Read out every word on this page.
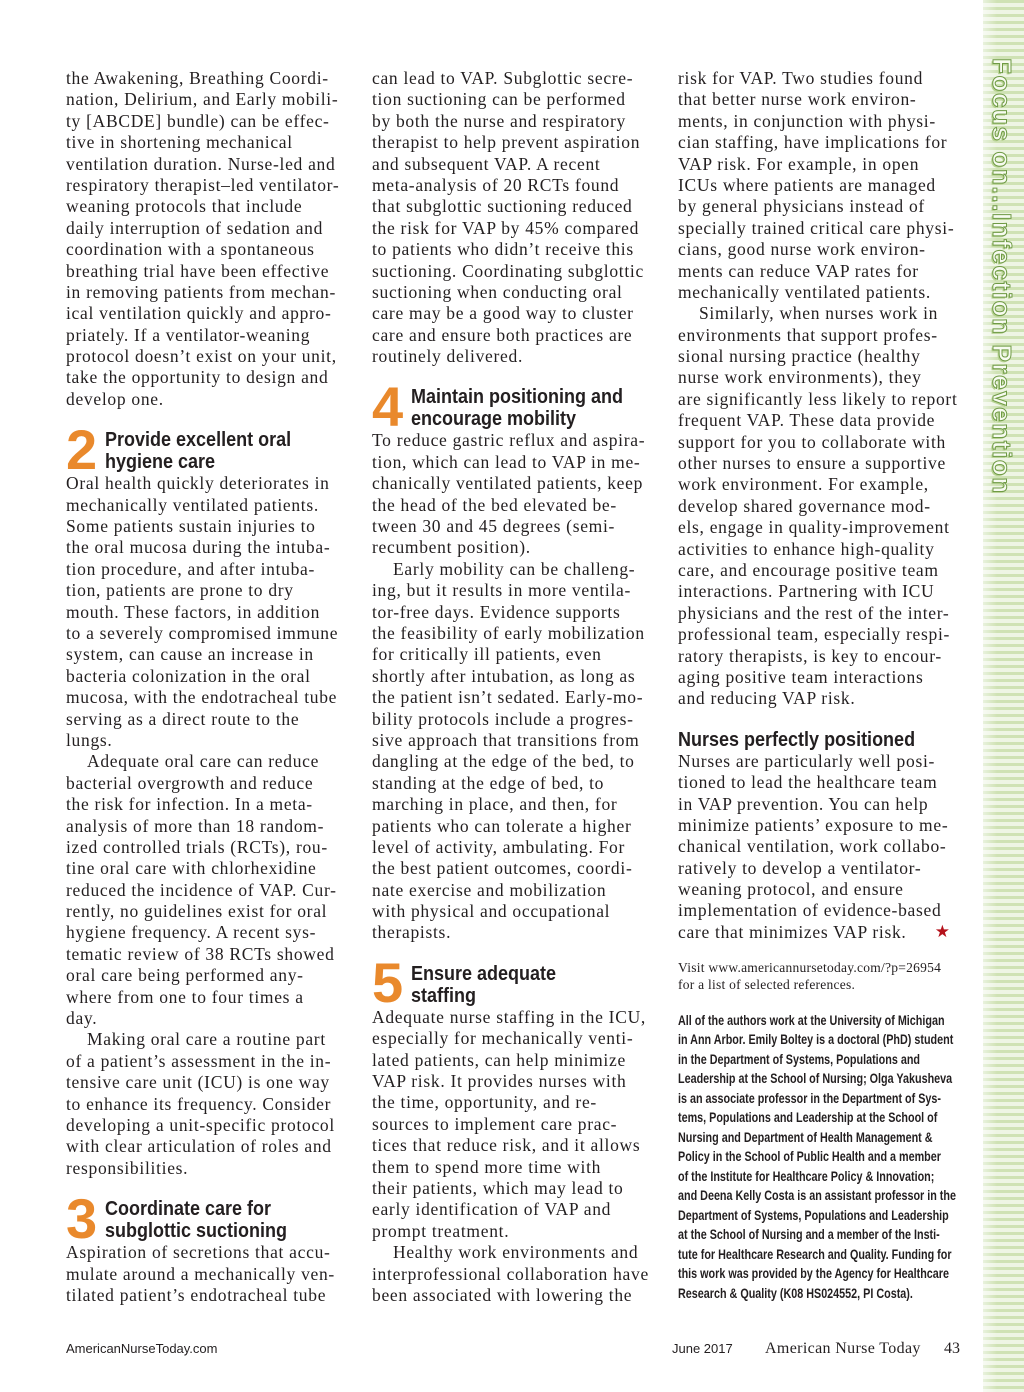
the Awakening, Breathing Coordi-
nation, Delirium, and Early mobili-
ty [ABCDE] bundle) can be effec-
tive in shortening mechanical
ventilation duration. Nurse-led and
respiratory therapist–led ventilator-
weaning protocols that include
daily interruption of sedation and
coordination with a spontaneous
breathing trial have been effective
in removing patients from mechan-
ical ventilation quickly and appro-
priately. If a ventilator-weaning
protocol doesn’t exist on your unit,
take the opportunity to design and
develop one.
2 Provide excellent oral
hygiene care
Oral health quickly deteriorates in
mechanically ventilated patients.
Some patients sustain injuries to
the oral mucosa during the intuba-
tion procedure, and after intuba-
tion, patients are prone to dry
mouth. These factors, in addition
to a severely compromised immune
system, can cause an increase in
bacteria colonization in the oral
mucosa, with the endotracheal tube
serving as a direct route to the
lungs.
Adequate oral care can reduce
bacterial overgrowth and reduce
the risk for infection. In a meta-
analysis of more than 18 random-
ized controlled trials (RCTs), rou-
tine oral care with chlorhexidine
reduced the incidence of VAP. Cur-
rently, no guidelines exist for oral
hygiene frequency. A recent sys-
tematic review of 38 RCTs showed
oral care being performed any-
where from one to four times a
day.
Making oral care a routine part
of a patient’s assessment in the in-
tensive care unit (ICU) is one way
to enhance its frequency. Consider
developing a unit-specific protocol
with clear articulation of roles and
responsibilities.
3 Coordinate care for
subglottic suctioning
Aspiration of secretions that accu-
mulate around a mechanically ven-
tilated patient’s endotracheal tube
can lead to VAP. Subglottic secre-
tion suctioning can be performed
by both the nurse and respiratory
therapist to help prevent aspiration
and subsequent VAP. A recent
meta-analysis of 20 RCTs found
that subglottic suctioning reduced
the risk for VAP by 45% compared
to patients who didn’t receive this
suctioning. Coordinating subglottic
suctioning when conducting oral
care may be a good way to cluster
care and ensure both practices are
routinely delivered.
4 Maintain positioning and
encourage mobility
To reduce gastric reflux and aspira-
tion, which can lead to VAP in me-
chanically ventilated patients, keep
the head of the bed elevated be-
tween 30 and 45 degrees (semi-
recumbent position).
Early mobility can be challeng-
ing, but it results in more ventila-
tor-free days. Evidence supports
the feasibility of early mobilization
for critically ill patients, even
shortly after intubation, as long as
the patient isn’t sedated. Early-mo-
bility protocols include a progres-
sive approach that transitions from
dangling at the edge of the bed, to
standing at the edge of bed, to
marching in place, and then, for
patients who can tolerate a higher
level of activity, ambulating. For
the best patient outcomes, coordi-
nate exercise and mobilization
with physical and occupational
therapists.
5 Ensure adequate
staffing
Adequate nurse staffing in the ICU,
especially for mechanically venti-
lated patients, can help minimize
VAP risk. It provides nurses with
the time, opportunity, and re-
sources to implement care prac-
tices that reduce risk, and it allows
them to spend more time with
their patients, which may lead to
early identification of VAP and
prompt treatment.
Healthy work environments and
interprofessional collaboration have
been associated with lowering the
risk for VAP. Two studies found
that better nurse work environ-
ments, in conjunction with physi-
cian staffing, have implications for
VAP risk. For example, in open
ICUs where patients are managed
by general physicians instead of
specially trained critical care physi-
cians, good nurse work environ-
ments can reduce VAP rates for
mechanically ventilated patients.
Similarly, when nurses work in
environments that support profes-
sional nursing practice (healthy
nurse work environments), they
are significantly less likely to report
frequent VAP. These data provide
support for you to collaborate with
other nurses to ensure a supportive
work environment. For example,
develop shared governance mod-
els, engage in quality-improvement
activities to enhance high-quality
care, and encourage positive team
interactions. Partnering with ICU
physicians and the rest of the inter-
professional team, especially respi-
ratory therapists, is key to encour-
aging positive team interactions
and reducing VAP risk.
Nurses perfectly positioned
Nurses are particularly well posi-
tioned to lead the healthcare team
in VAP prevention. You can help
minimize patients’ exposure to me-
chanical ventilation, work collabo-
ratively to develop a ventilator-
weaning protocol, and ensure
implementation of evidence-based
care that minimizes VAP risk.
★
Visit www.americannursetoday.com/?p=26954
for a list of selected references.
All of the authors work at the University of Michigan
in Ann Arbor. Emily Boltey is a doctoral (PhD) student
in the Department of Systems, Populations and
Leadership at the School of Nursing; Olga Yakusheva
is an associate professor in the Department of Sys-
tems, Populations and Leadership at the School of
Nursing and Department of Health Management &
Policy in the School of Public Health and a member
of the Institute for Healthcare Policy & Innovation;
and Deena Kelly Costa is an assistant professor in the
Department of Systems, Populations and Leadership
at the School of Nursing and a member of the Insti-
tute for Healthcare Research and Quality. Funding for
this work was provided by the Agency for Healthcare
Research & Quality (K08 HS024552, PI Costa).
Focus on...Infection Prevention
AmericanNurseToday.com	June 2017 American Nurse Today 43
